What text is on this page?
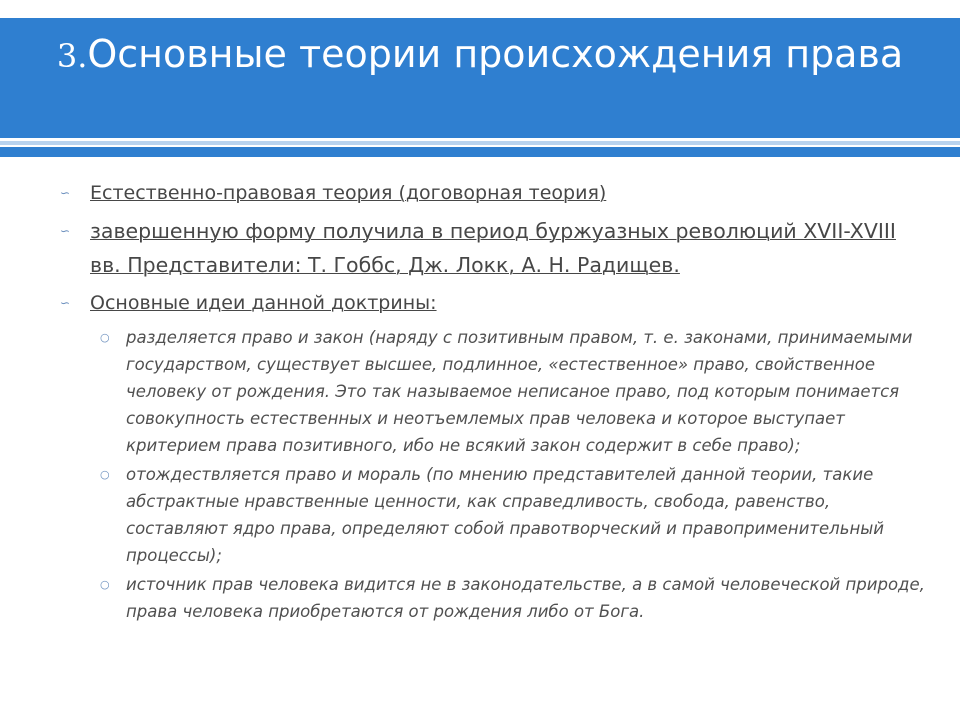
3.Основные теории происхождения права
∽	Естественно-правовая теория (договорная теория)
∽ завершенную форму получила в период буржуазных революций XVII-XVIII вв. Представители: Т. Гоббс, Дж. Локк, А. Н. Радищев.
∽	Основные идеи данной доктрины:
○ разделяется право и закон (наряду с позитивным правом, т. е. законами, принимаемыми государством, существует высшее, подлинное, «естественное» право, свойственное человеку от рождения. Это так называемое неписаное право, под которым понимается совокупность естественных и неотъемлемых прав человека и которое выступает критерием права позитивного, ибо не всякий закон содержит в себе право);
○ отождествляется право и мораль (по мнению представителей данной теории, такие абстрактные нравственные ценности, как справедливость, свобода, равенство, составляют ядро права, определяют собой правотворческий и правоприменительный процессы);
○ источник прав человека видится не в законодательстве, а в самой человеческой природе, права человека приобретаются от рождения либо от Бога.
